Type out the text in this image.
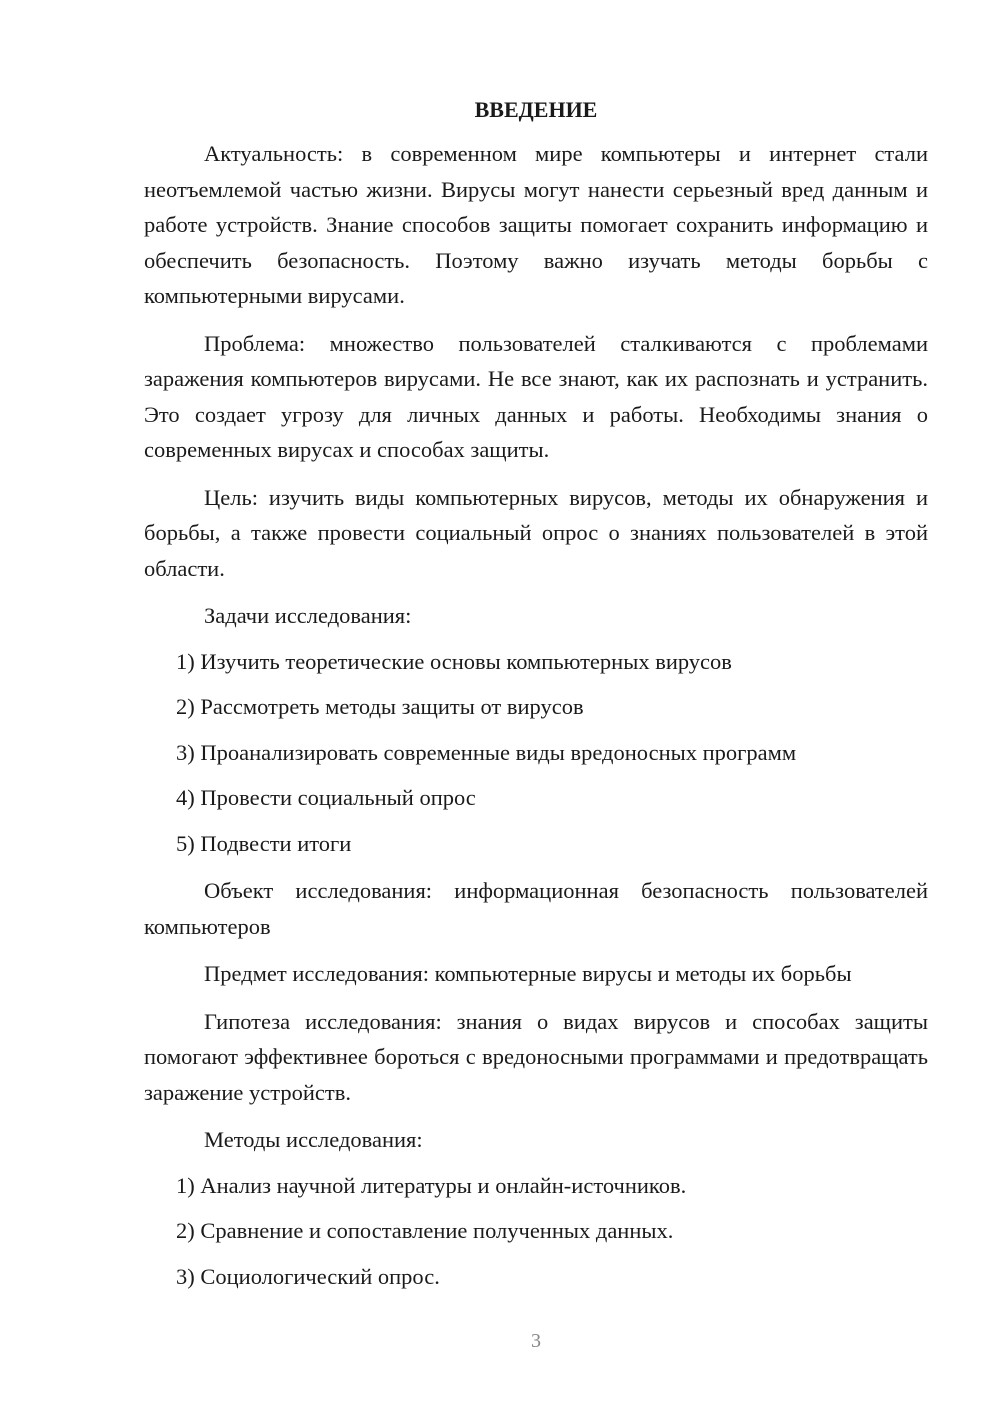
ВВЕДЕНИЕ

Актуальность: в современном мире компьютеры и интернет стали неотъемлемой частью жизни. Вирусы могут нанести серьезный вред данным и работе устройств. Знание способов защиты помогает сохранить информацию и обеспечить безопасность. Поэтому важно изучать методы борьбы с компьютерными вирусами.

Проблема: множество пользователей сталкиваются с проблемами заражения компьютеров вирусами. Не все знают, как их распознать и устранить. Это создает угрозу для личных данных и работы. Необходимы знания о современных вирусах и способах защиты.

Цель: изучить виды компьютерных вирусов, методы их обнаружения и борьбы, а также провести социальный опрос о знаниях пользователей в этой области.

Задачи исследования:

1) Изучить теоретические основы компьютерных вирусов

2) Рассмотреть методы защиты от вирусов

3) Проанализировать современные виды вредоносных программ

4) Провести социальный опрос

5) Подвести итоги

Объект исследования: информационная безопасность пользователей компьютеров

Предмет исследования: компьютерные вирусы и методы их борьбы

Гипотеза исследования: знания о видах вирусов и способах защиты помогают эффективнее бороться с вредоносными программами и предотвращать заражение устройств.

Методы исследования:

1) Анализ научной литературы и онлайн-источников.

2) Сравнение и сопоставление полученных данных.

3) Социологический опрос.

3
